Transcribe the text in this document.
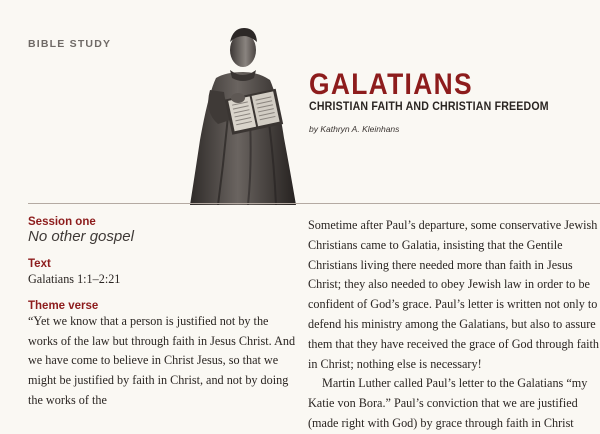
BIBLE STUDY
GALATIANS
CHRISTIAN FAITH AND CHRISTIAN FREEDOM
by Kathryn A. Kleinhans

Session one

No other gospel

Text

Galatians 1:1–2:21

Theme verse

“Yet we know that a person is justified not by the works of the law but through faith in Jesus Christ. And we have come to believe in Christ Jesus, so that we might be justified by faith in Christ, and not by doing the works of the

Sometime after Paul’s departure, some conservative Jewish Christians came to Galatia, insisting that the Gentile Christians living there needed more than faith in Jesus Christ; they also needed to obey Jewish law in order to be confident of God’s grace. Paul’s letter is written not only to defend his ministry among the Galatians, but also to assure them that they have received the grace of God through faith in Christ; nothing else is necessary!

Martin Luther called Paul’s letter to the Galatians “my Katie von Bora.” Paul’s conviction that we are justified (made right with God) by grace through faith in Christ
